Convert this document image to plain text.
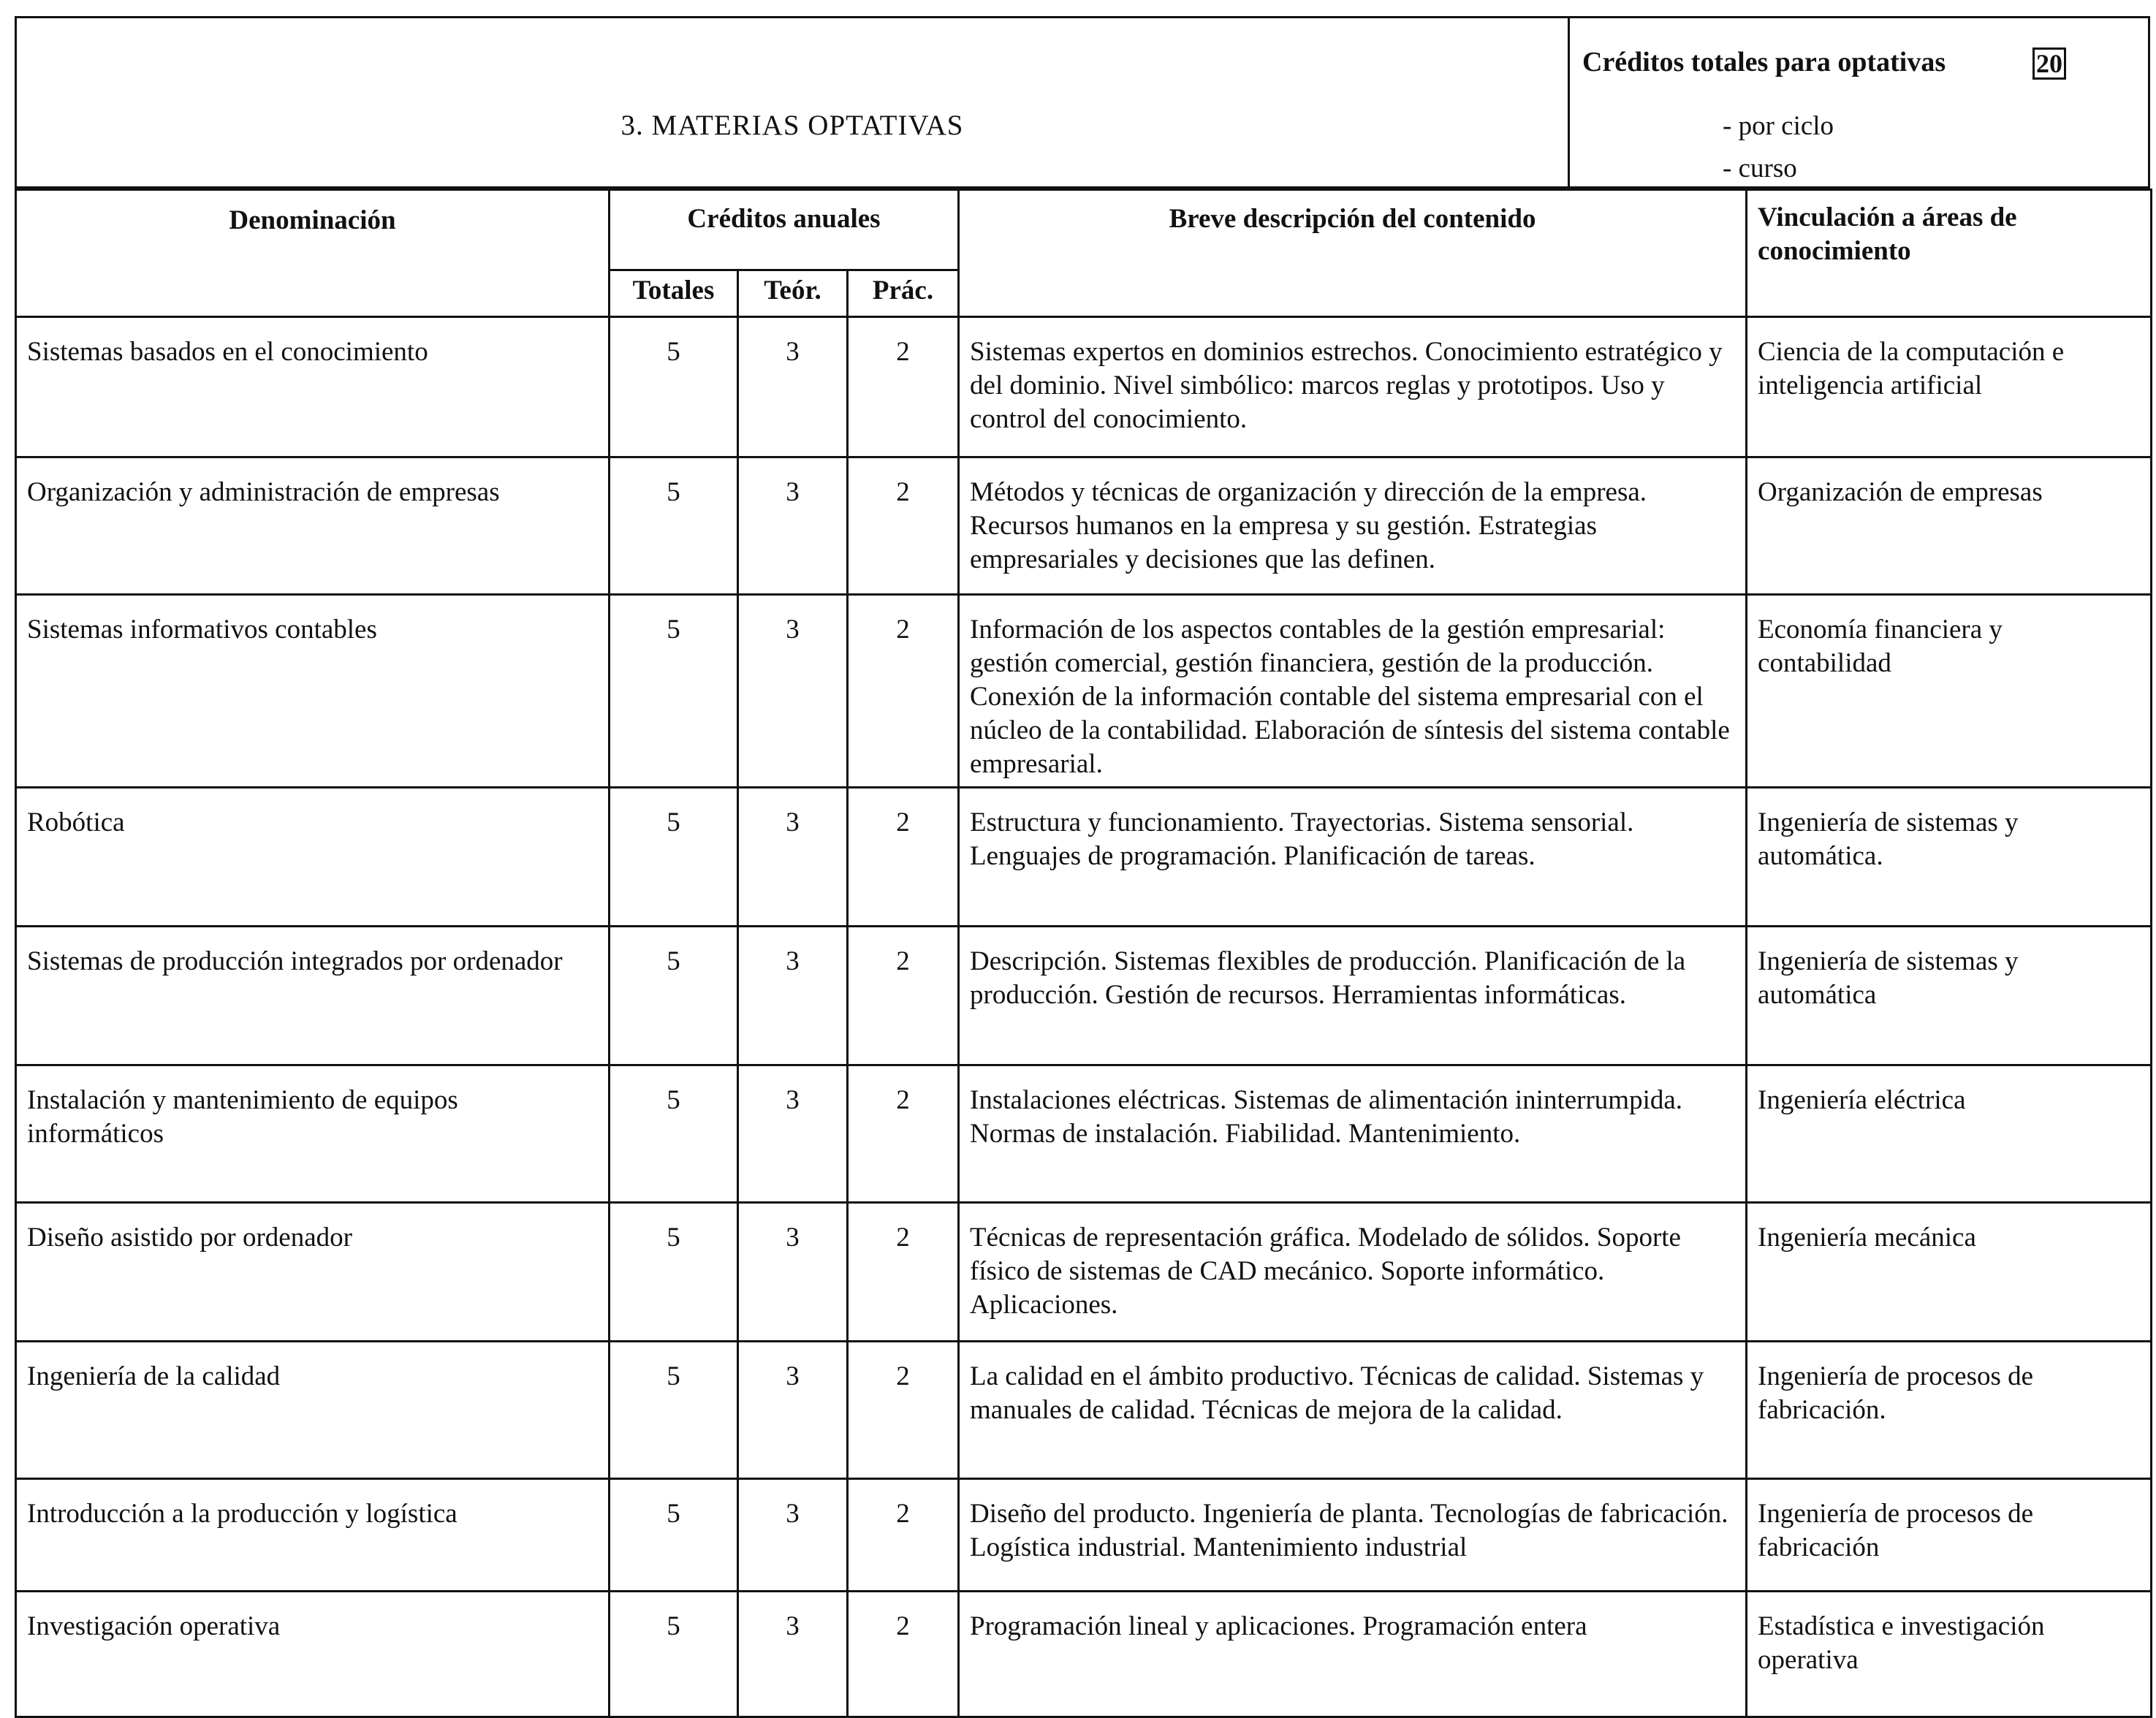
3. MATERIAS OPTATIVAS
Créditos totales para optativas	20
- por ciclo
- curso
Denominación	Créditos anuales			Breve descripción del contenido	Vinculación a áreas de conocimiento
	Totales	Teór.	Prác.		
Sistemas basados en el conocimiento	5	3	2	Sistemas expertos en dominios estrechos. Conocimiento estratégico y del dominio. Nivel simbólico: marcos reglas y prototipos. Uso y control del conocimiento.	Ciencia de la computación e inteligencia artificial
Organización y administración de empresas	5	3	2	Métodos y técnicas de organización y dirección de la empresa. Recursos humanos en la empresa y su gestión. Estrategias empresariales y decisiones que las definen.	Organización de empresas
Sistemas informativos contables	5	3	2	Información de los aspectos contables de la gestión empresarial: gestión comercial, gestión financiera, gestión de la producción. Conexión de la información contable del sistema empresarial con el núcleo de la contabilidad. Elaboración de síntesis del sistema contable empresarial.	Economía financiera y contabilidad
Robótica	5	3	2	Estructura y funcionamiento. Trayectorias. Sistema sensorial. Lenguajes de programación. Planificación de tareas.	Ingeniería de sistemas y automática.
Sistemas de producción integrados por ordenador	5	3	2	Descripción. Sistemas flexibles de producción. Planificación de la producción. Gestión de recursos. Herramientas informáticas.	Ingeniería de sistemas y automática
Instalación y mantenimiento de equipos informáticos	5	3	2	Instalaciones eléctricas. Sistemas de alimentación ininterrumpida. Normas de instalación. Fiabilidad. Mantenimiento.	Ingeniería eléctrica
Diseño asistido por ordenador	5	3	2	Técnicas de representación gráfica. Modelado de sólidos. Soporte físico de sistemas de CAD mecánico. Soporte informático. Aplicaciones.	Ingeniería mecánica
Ingeniería de la calidad	5	3	2	La calidad en el ámbito productivo. Técnicas de calidad. Sistemas y manuales de calidad. Técnicas de mejora de la calidad.	Ingeniería de procesos de fabricación.
Introducción a la producción y logística	5	3	2	Diseño del producto. Ingeniería de planta. Tecnologías de fabricación. Logística industrial. Mantenimiento industrial	Ingeniería de procesos de fabricación
Investigación operativa	5	3	2	Programación lineal y aplicaciones. Programación entera	Estadística e investigación operativa
